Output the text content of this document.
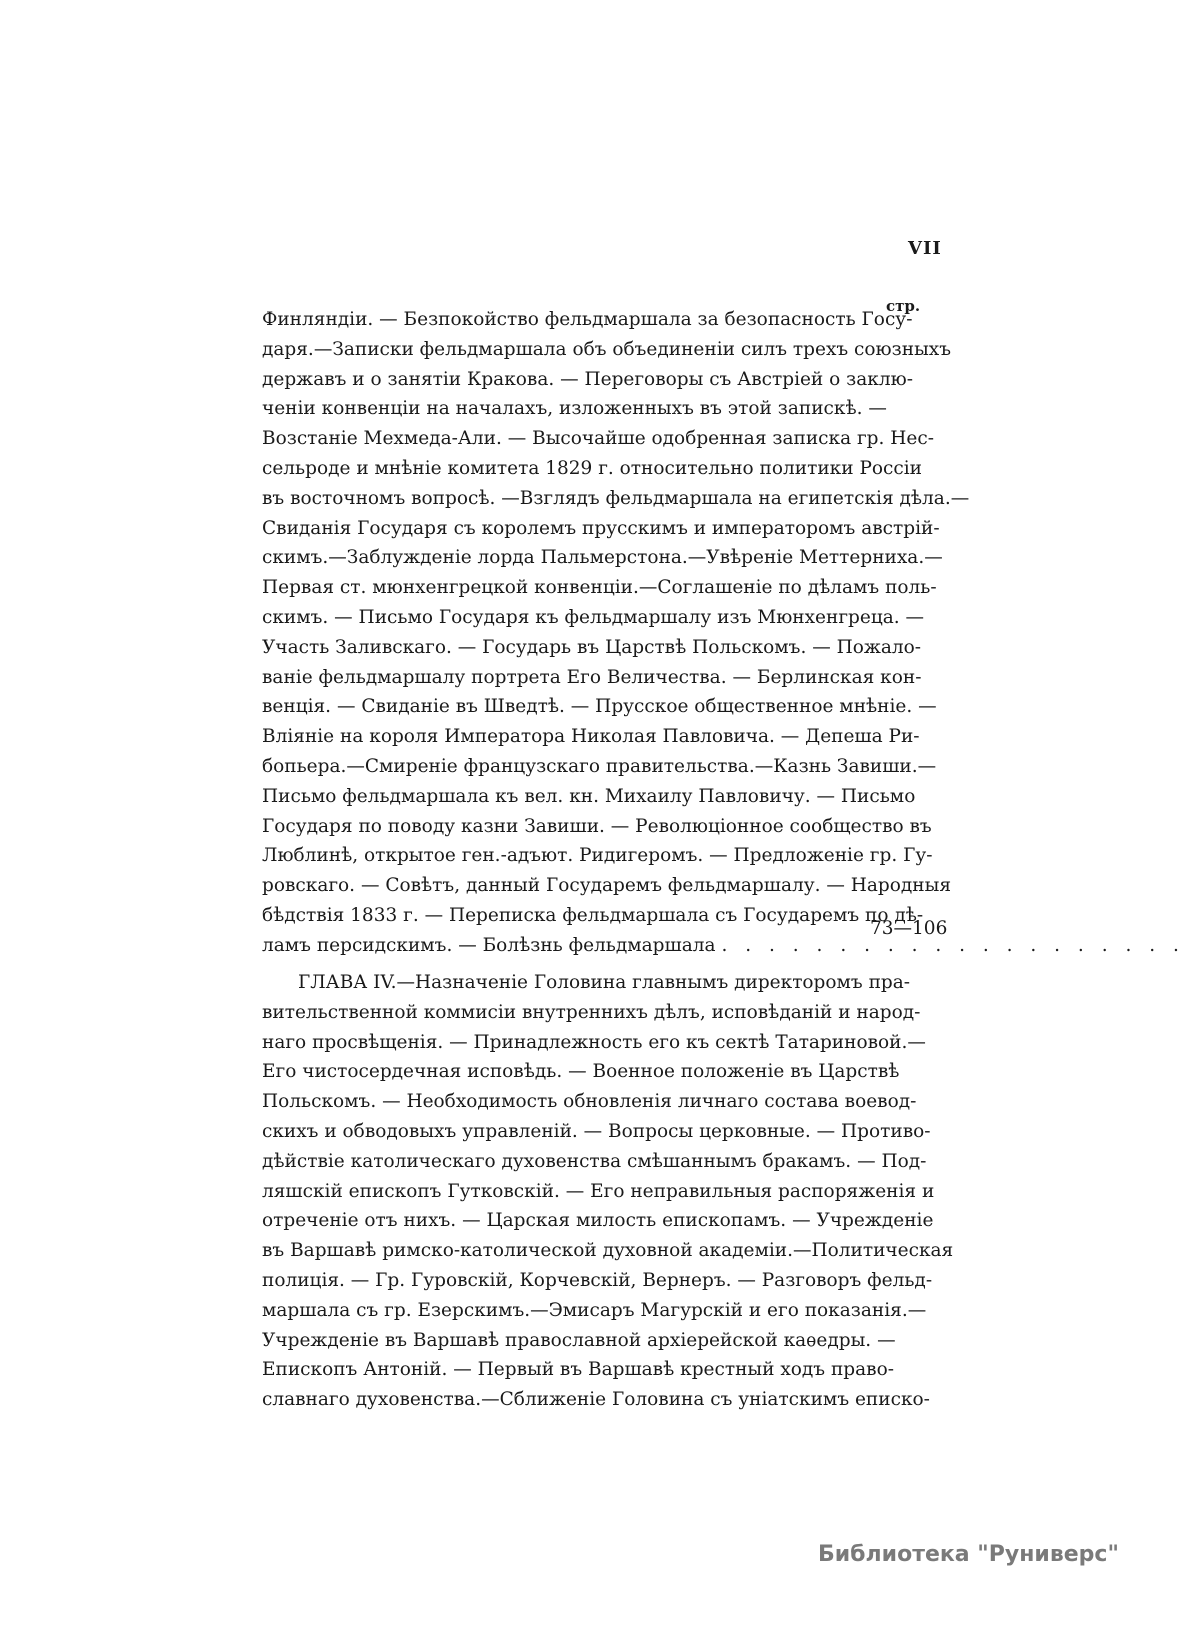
VII
стр.
Финляндіи. — Безпокойство фельдмаршала за безопасность Госу-
даря.—Записки фельдмаршала объ объединеніи силъ трехъ союзныхъ
державъ и о занятіи Кракова. — Переговоры съ Австріей о заклю-
ченіи конвенціи на началахъ, изложенныхъ въ этой запискѣ. —
Возстаніе Мехмеда-Али. — Высочайше одобренная записка гр. Нес-
сельроде и мнѣніе комитета 1829 г. относительно политики Россіи
въ восточномъ вопросѣ. —Взглядъ фельдмаршала на египетскія дѣла.—
Свиданія Государя съ королемъ прусскимъ и императоромъ австрій-
скимъ.—Заблужденіе лорда Пальмерстона.—Увѣреніе Меттерниха.—
Первая ст. мюнхенгрецкой конвенціи.—Соглашеніе по дѣламъ поль-
скимъ. — Письмо Государя къ фельдмаршалу изъ Мюнхенгреца. —
Участь Заливскаго. — Государь въ Царствѣ Польскомъ. — Пожало-
ваніе фельдмаршалу портрета Его Величества. — Берлинская кон-
венція. — Свиданіе въ Шведтѣ. — Прусское общественное мнѣніе. —
Вліяніе на короля Императора Николая Павловича. — Депеша Ри-
бопьера.—Смиреніе французскаго правительства.—Казнь Завиши.—
Письмо фельдмаршала къ вел. кн. Михаилу Павловичу. — Письмо
Государя по поводу казни Завиши. — Революціонное сообщество въ
Люблинѣ, открытое ген.-адъют. Ридигеромъ. — Предложеніе гр. Гу-
ровскаго. — Совѣтъ, данный Государемъ фельдмаршалу. — Народныя
бѣдствія 1833 г. — Переписка фельдмаршала съ Государемъ по дѣ-
ламъ персидскимъ. — Болѣзнь фельдмаршала . . . . . . . . . . . . . . . . . . . .
73—106
ГЛАВА IV.—Назначеніе Головина главнымъ директоромъ пра-
вительственной коммисіи внутреннихъ дѣлъ, исповѣданій и народ-
наго просвѣщенія. — Принадлежность его къ сектѣ Татариновой.—
Его чистосердечная исповѣдь. — Военное положеніе въ Царствѣ
Польскомъ. — Необходимость обновленія личнаго состава воевод-
скихъ и обводовыхъ управленій. — Вопросы церковные. — Противо-
дѣйствіе католическаго духовенства смѣшаннымъ бракамъ. — Под-
ляшскій епископъ Гутковскій. — Его неправильныя распоряженія и
отреченіе отъ нихъ. — Царская милость епископамъ. — Учрежденіе
въ Варшавѣ римско-католической духовной академіи.—Политическая
полиція. — Гр. Гуровскій, Корчевскій, Вернеръ. — Разговоръ фельд-
маршала съ гр. Езерскимъ.—Эмисаръ Магурскій и его показанія.—
Учрежденіе въ Варшавѣ православной архіерейской каѳедры. —
Епископъ Антоній. — Первый въ Варшавѣ крестный ходъ право-
славнаго духовенства.—Сближеніе Головина съ уніатскимъ еписко-
Библиотека "Руниверс"
